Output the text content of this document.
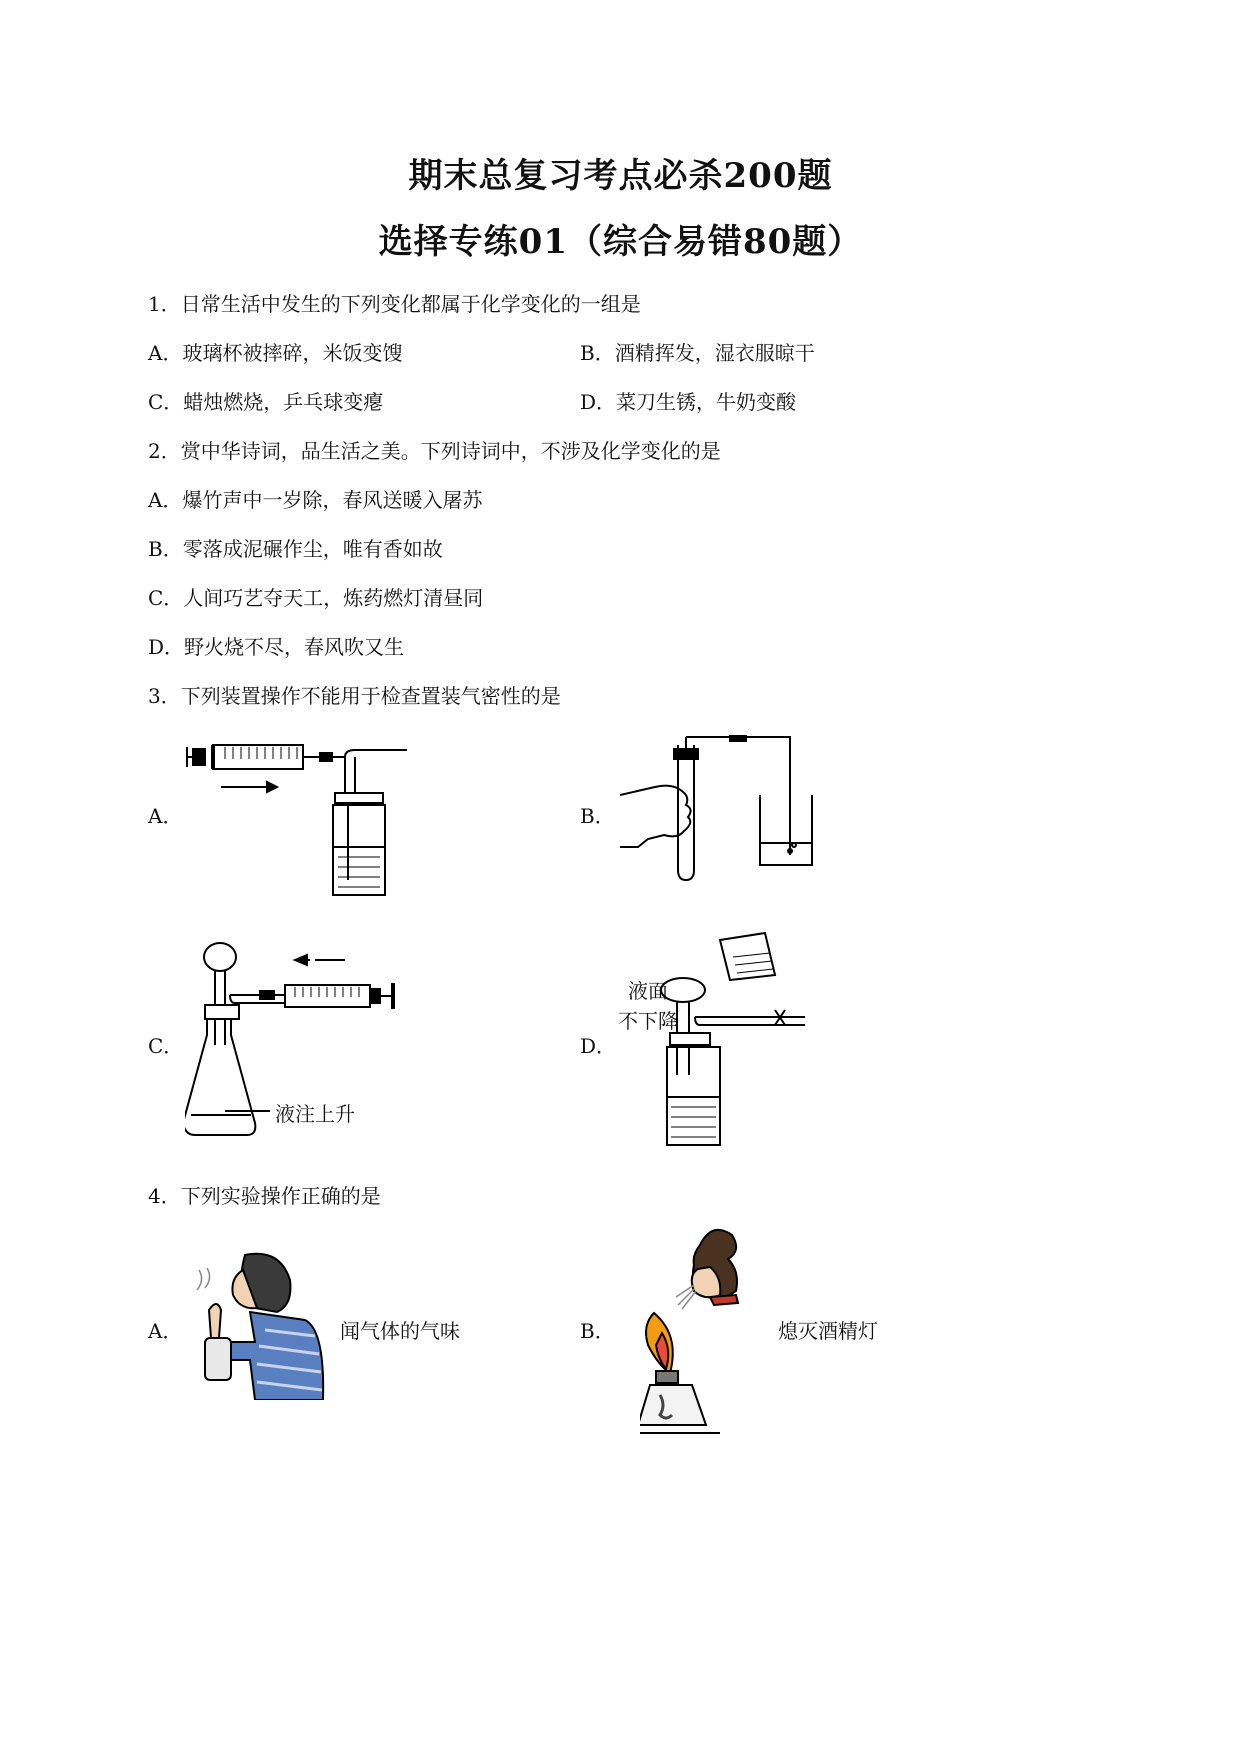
期末总复习考点必杀200题
选择专练01（综合易错80题）
1．日常生活中发生的下列变化都属于化学变化的一组是
A．玻璃杯被摔碎，米饭变馊	B．酒精挥发，湿衣服晾干
C．蜡烛燃烧，乒乓球变瘪	D．菜刀生锈，牛奶变酸
2．赏中华诗词，品生活之美。下列诗词中，不涉及化学变化的是
A．爆竹声中一岁除，春风送暖入屠苏
B．零落成泥碾作尘，唯有香如故
C．人间巧艺夺天工，炼药燃灯清昼同
D．野火烧不尽，春风吹又生
3．下列装置操作不能用于检查置装气密性的是
A．	B．
C．	D．
液注上升
液面
不下降
4．下列实验操作正确的是
A．	B．
闻气体的气味	熄灭酒精灯
